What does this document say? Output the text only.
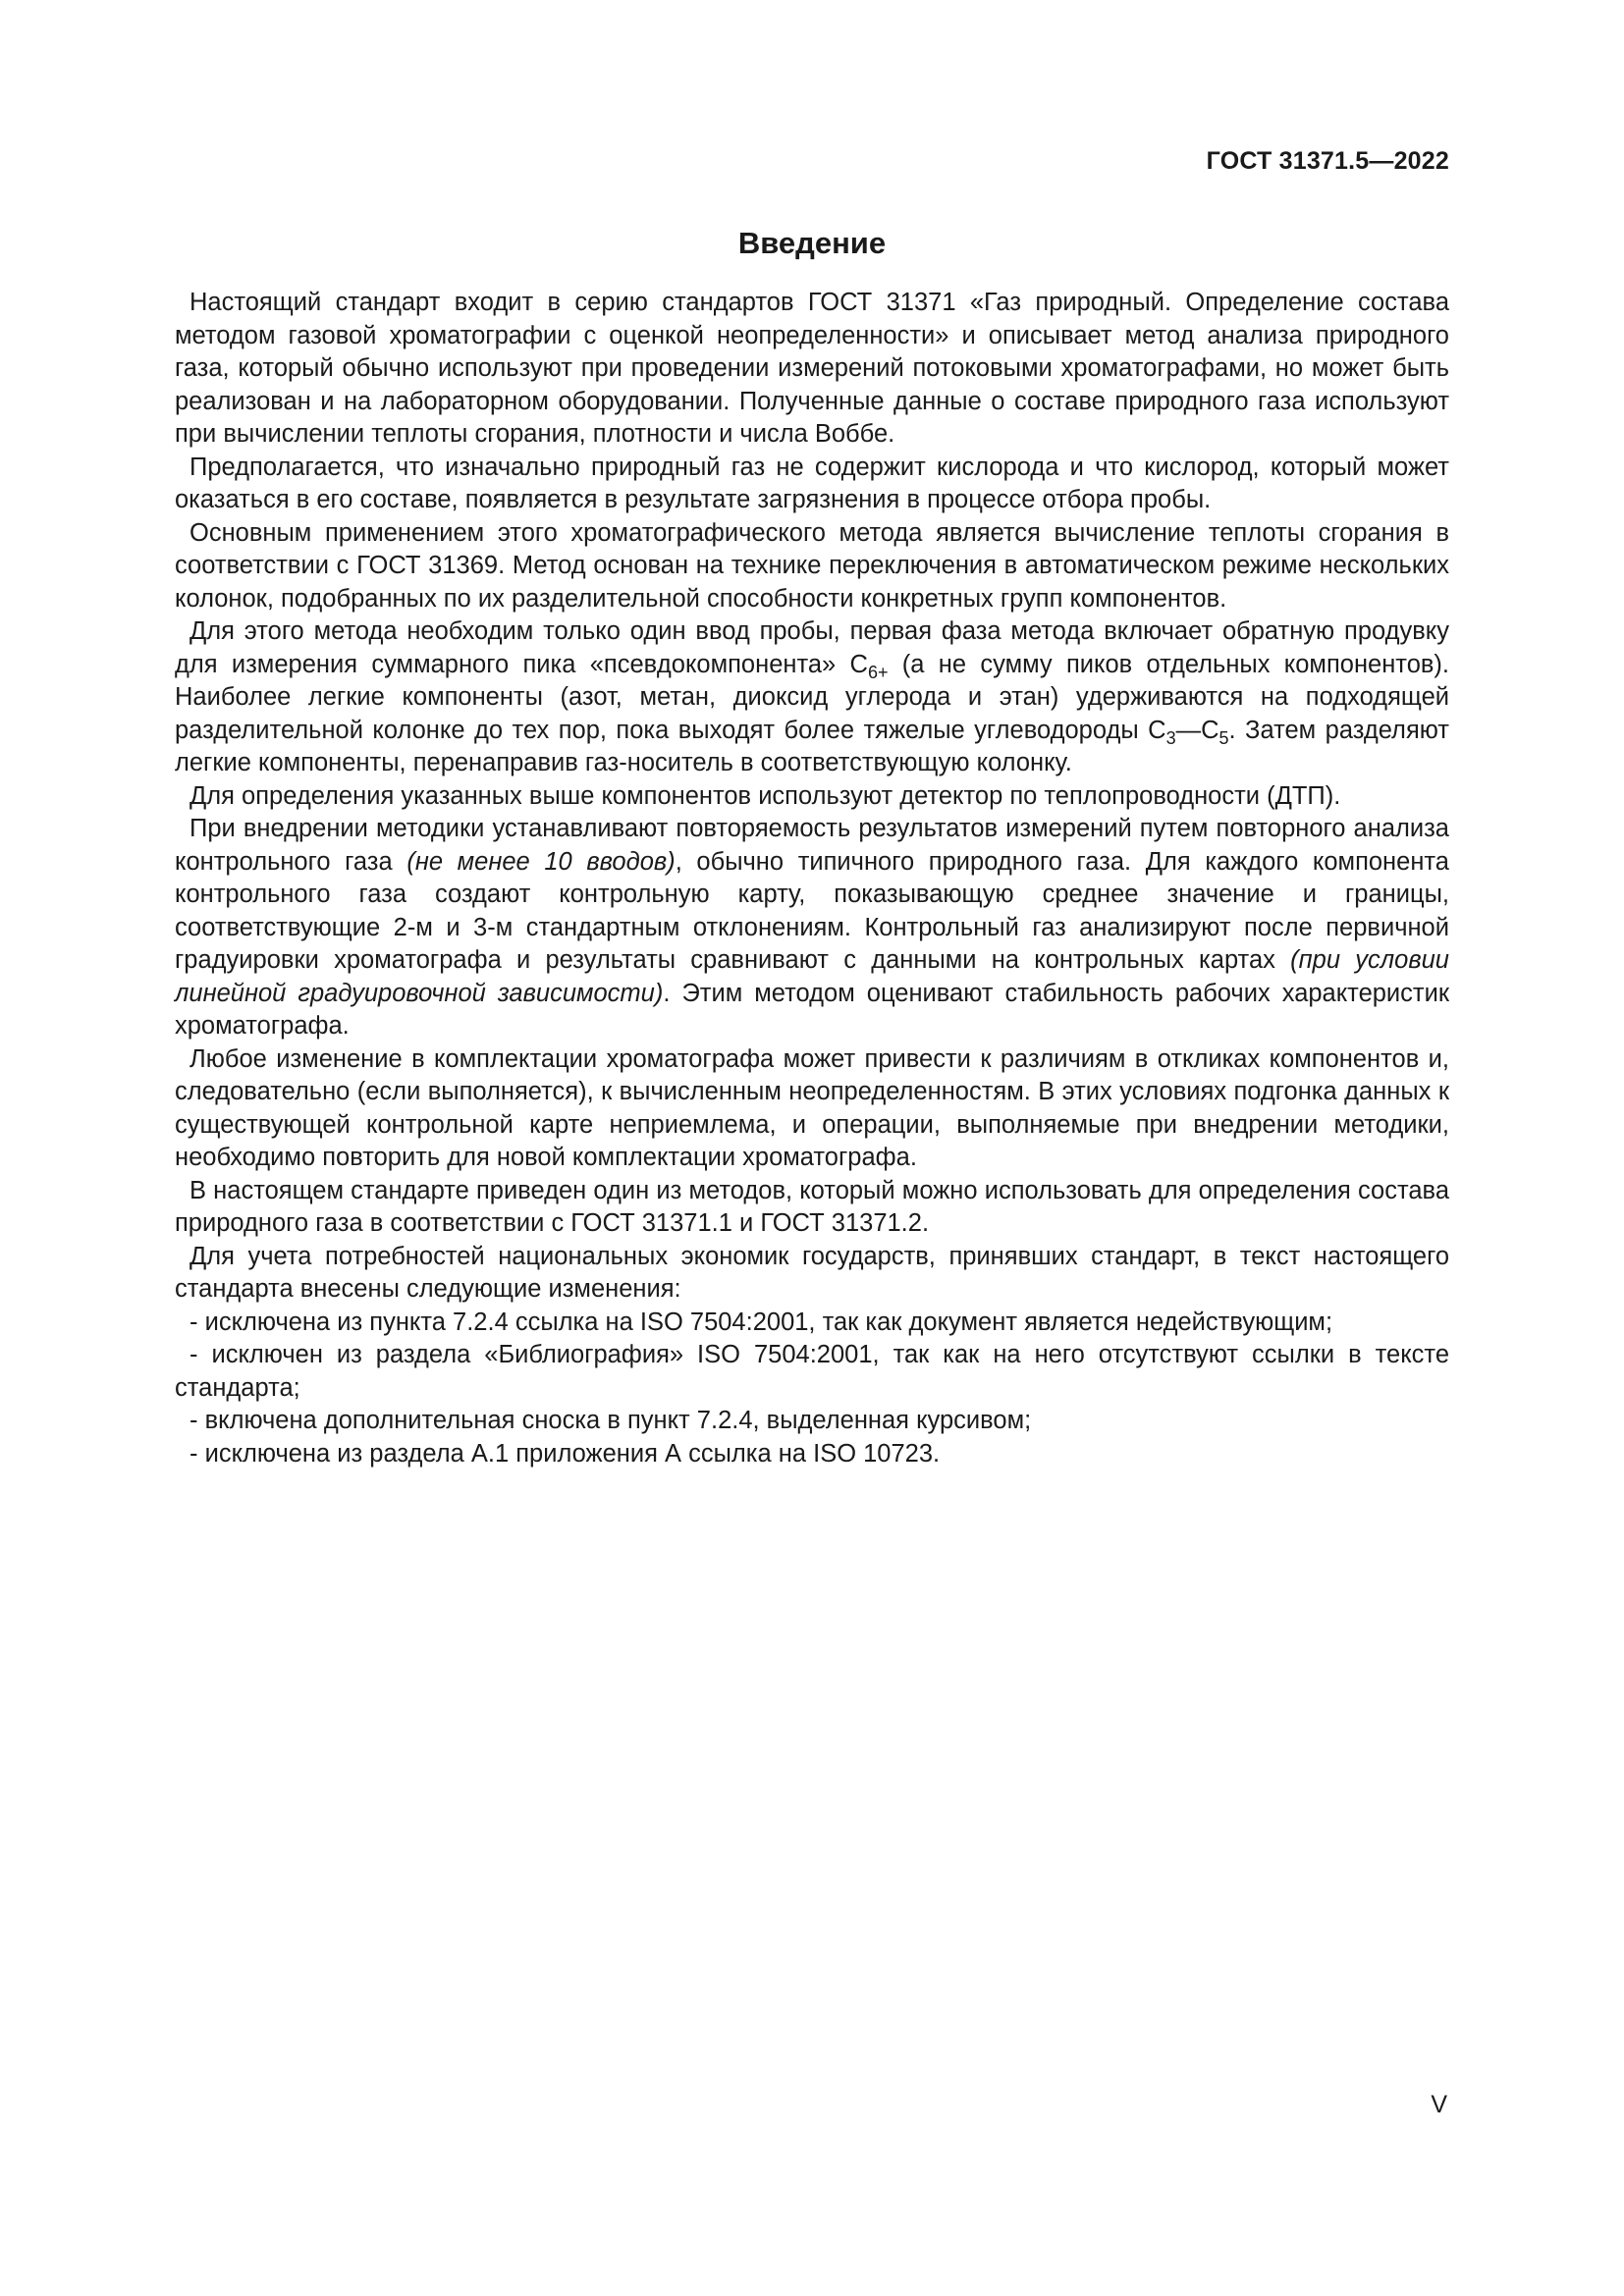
ГОСТ 31371.5—2022
Введение

Настоящий стандарт входит в серию стандартов ГОСТ 31371 «Газ природный. Определение состава методом газовой хроматографии с оценкой неопределенности» и описывает метод анализа природного газа, который обычно используют при проведении измерений потоковыми хроматографами, но может быть реализован и на лабораторном оборудовании. Полученные данные о составе природного газа используют при вычислении теплоты сгорания, плотности и числа Воббе.

Предполагается, что изначально природный газ не содержит кислорода и что кислород, который может оказаться в его составе, появляется в результате загрязнения в процессе отбора пробы.

Основным применением этого хроматографического метода является вычисление теплоты сгорания в соответствии с ГОСТ 31369. Метод основан на технике переключения в автоматическом режиме нескольких колонок, подобранных по их разделительной способности конкретных групп компонентов.

Для этого метода необходим только один ввод пробы, первая фаза метода включает обратную продувку для измерения суммарного пика «псевдокомпонента» $C_{6+}$ (а не сумму пиков отдельных компонентов). Наиболее легкие компоненты (азот, метан, диоксид углерода и этан) удерживаются на подходящей разделительной колонке до тех пор, пока выходят более тяжелые углеводороды $C_3—C_5$. Затем разделяют легкие компоненты, перенаправив газ-носитель в соответствующую колонку.

Для определения указанных выше компонентов используют детектор по теплопроводности (ДТП).

При внедрении методики устанавливают повторяемость результатов измерений путем повторного анализа контрольного газа (не менее 10 вводов), обычно типичного природного газа. Для каждого компонента контрольного газа создают контрольную карту, показывающую среднее значение и границы, соответствующие 2-м и 3-м стандартным отклонениям. Контрольный газ анализируют после первичной градуировки хроматографа и результаты сравнивают с данными на контрольных картах (при условии линейной градуировочной зависимости). Этим методом оценивают стабильность рабочих характеристик хроматографа.

Любое изменение в комплектации хроматографа может привести к различиям в откликах компонентов и, следовательно (если выполняется), к вычисленным неопределенностям. В этих условиях подгонка данных к существующей контрольной карте неприемлема, и операции, выполняемые при внедрении методики, необходимо повторить для новой комплектации хроматографа.

В настоящем стандарте приведен один из методов, который можно использовать для определения состава природного газа в соответствии с ГОСТ 31371.1 и ГОСТ 31371.2.

Для учета потребностей национальных экономик государств, принявших стандарт, в текст настоящего стандарта внесены следующие изменения:

- исключена из пункта 7.2.4 ссылка на ISO 7504:2001, так как документ является недействующим;

- исключен из раздела «Библиография» ISO 7504:2001, так как на него отсутствуют ссылки в тексте стандарта;

- включена дополнительная сноска в пункт 7.2.4, выделенная курсивом;

- исключена из раздела А.1 приложения А ссылка на ISO 10723.

V
